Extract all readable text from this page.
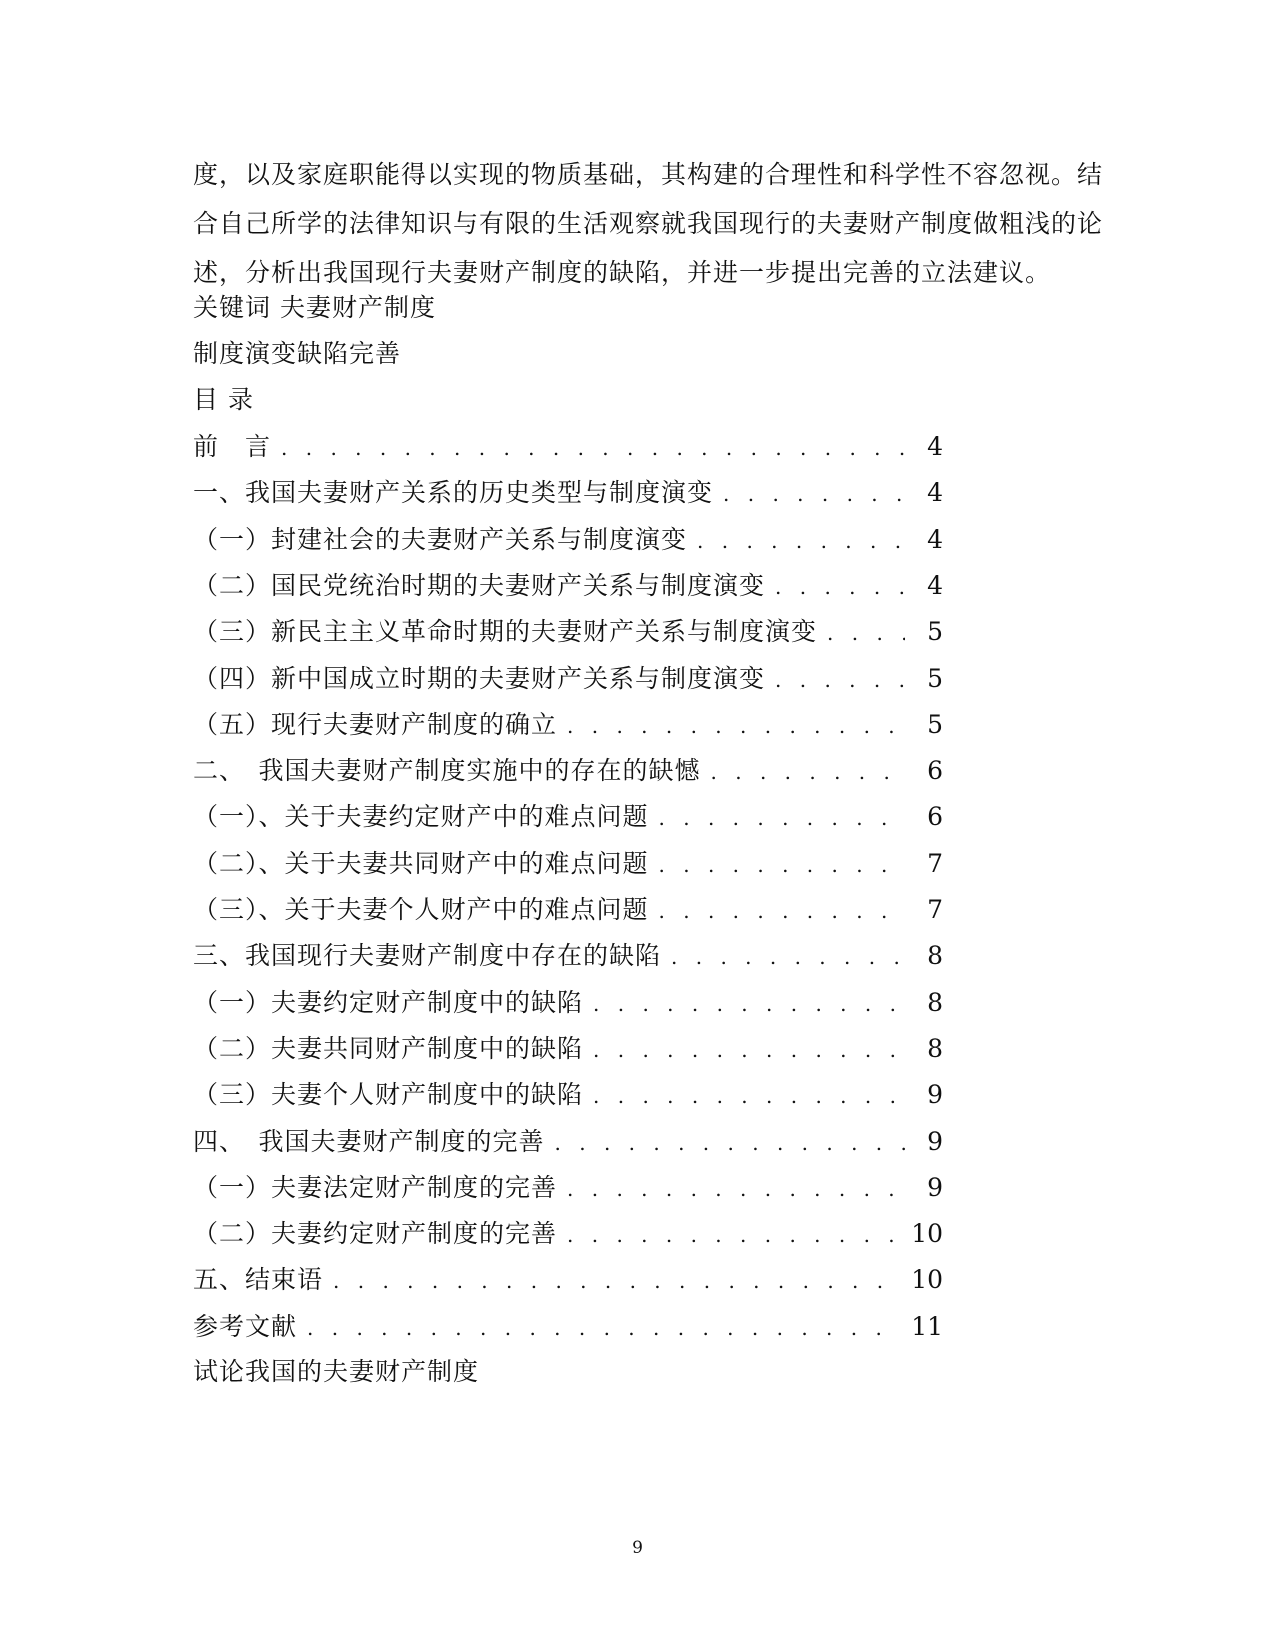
度，以及家庭职能得以实现的物质基础，其构建的合理性和科学性不容忽视。结

合自己所学的法律知识与有限的生活观察就我国现行的夫妻财产制度做粗浅的论

述，分析出我国现行夫妻财产制度的缺陷，并进一步提出完善的立法建议。

关键词 夫妻财产制度
制度演变缺陷完善
目 录
前　言 . . .	4
一、我国夫妻财产关系的历史类型与制度演变 . . .	4
（一）封建社会的夫妻财产关系与制度演变 . . .	4
（二）国民党统治时期的夫妻财产关系与制度演变 . . .	4
（三）新民主主义革命时期的夫妻财产关系与制度演变 . . .	5
（四）新中国成立时期的夫妻财产关系与制度演变 . . .	5
（五）现行夫妻财产制度的确立 . . .	5
二、　我国夫妻财产制度实施中的存在的缺憾 . . .	6
（一）、关于夫妻约定财产中的难点问题 . . .	6
（二）、关于夫妻共同财产中的难点问题 . . .	7
（三）、关于夫妻个人财产中的难点问题 . . .	7
三、我国现行夫妻财产制度中存在的缺陷 . . .	8
（一）夫妻约定财产制度中的缺陷 . . .	8
（二）夫妻共同财产制度中的缺陷 . . .	8
（三）夫妻个人财产制度中的缺陷 . . .	9
四、　我国夫妻财产制度的完善 . . .	9
（一）夫妻法定财产制度的完善 . . .	9
（二）夫妻约定财产制度的完善 . . .	10
五、结束语 . . .	10
参考文献 . . .	11
试论我国的夫妻财产制度
9
